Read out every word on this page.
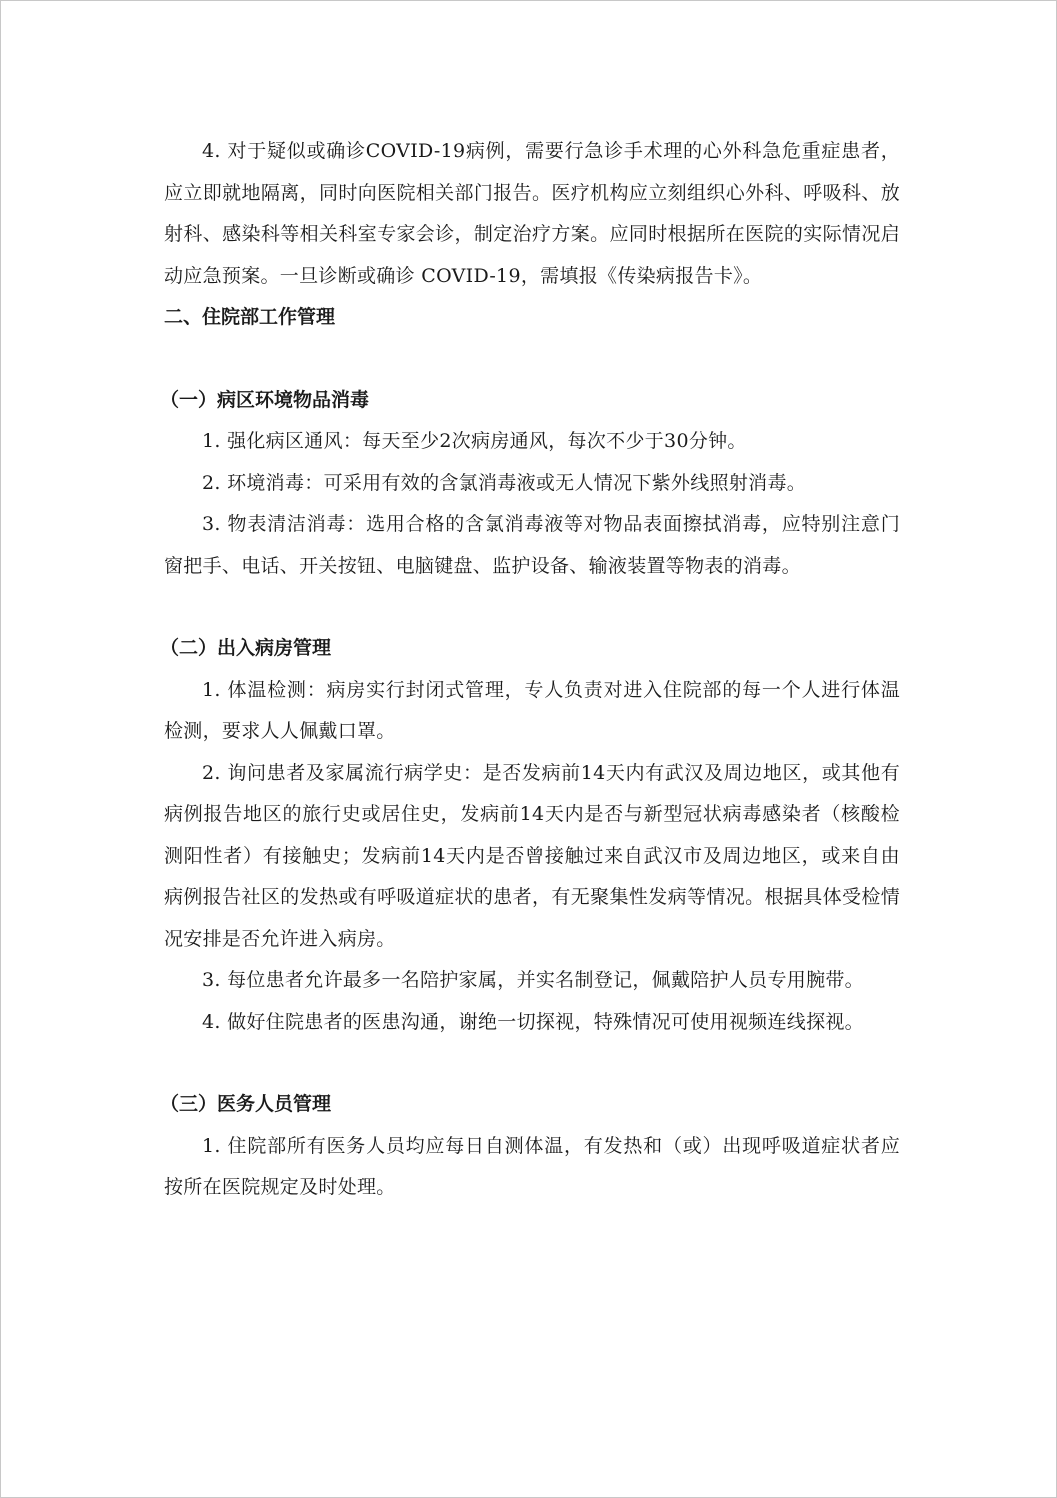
4. 对于疑似或确诊COVID-19病例，需要行急诊手术理的心外科急危重症患者，应立即就地隔离，同时向医院相关部门报告。医疗机构应立刻组织心外科、呼吸科、放射科、感染科等相关科室专家会诊，制定治疗方案。应同时根据所在医院的实际情况启动应急预案。一旦诊断或确诊 COVID-19，需填报《传染病报告卡》。

二、住院部工作管理

（一）病区环境物品消毒

1. 强化病区通风：每天至少2次病房通风，每次不少于30分钟。

2. 环境消毒：可采用有效的含氯消毒液或无人情况下紫外线照射消毒。

3. 物表清洁消毒：选用合格的含氯消毒液等对物品表面擦拭消毒，应特别注意门窗把手、电话、开关按钮、电脑键盘、监护设备、输液装置等物表的消毒。

（二）出入病房管理

1. 体温检测：病房实行封闭式管理，专人负责对进入住院部的每一个人进行体温检测，要求人人佩戴口罩。

2. 询问患者及家属流行病学史：是否发病前14天内有武汉及周边地区，或其他有病例报告地区的旅行史或居住史，发病前14天内是否与新型冠状病毒感染者（核酸检测阳性者）有接触史；发病前14天内是否曾接触过来自武汉市及周边地区，或来自由病例报告社区的发热或有呼吸道症状的患者，有无聚集性发病等情况。根据具体受检情况安排是否允许进入病房。

3. 每位患者允许最多一名陪护家属，并实名制登记，佩戴陪护人员专用腕带。

4. 做好住院患者的医患沟通，谢绝一切探视，特殊情况可使用视频连线探视。

（三）医务人员管理

1. 住院部所有医务人员均应每日自测体温，有发热和（或）出现呼吸道症状者应按所在医院规定及时处理。
